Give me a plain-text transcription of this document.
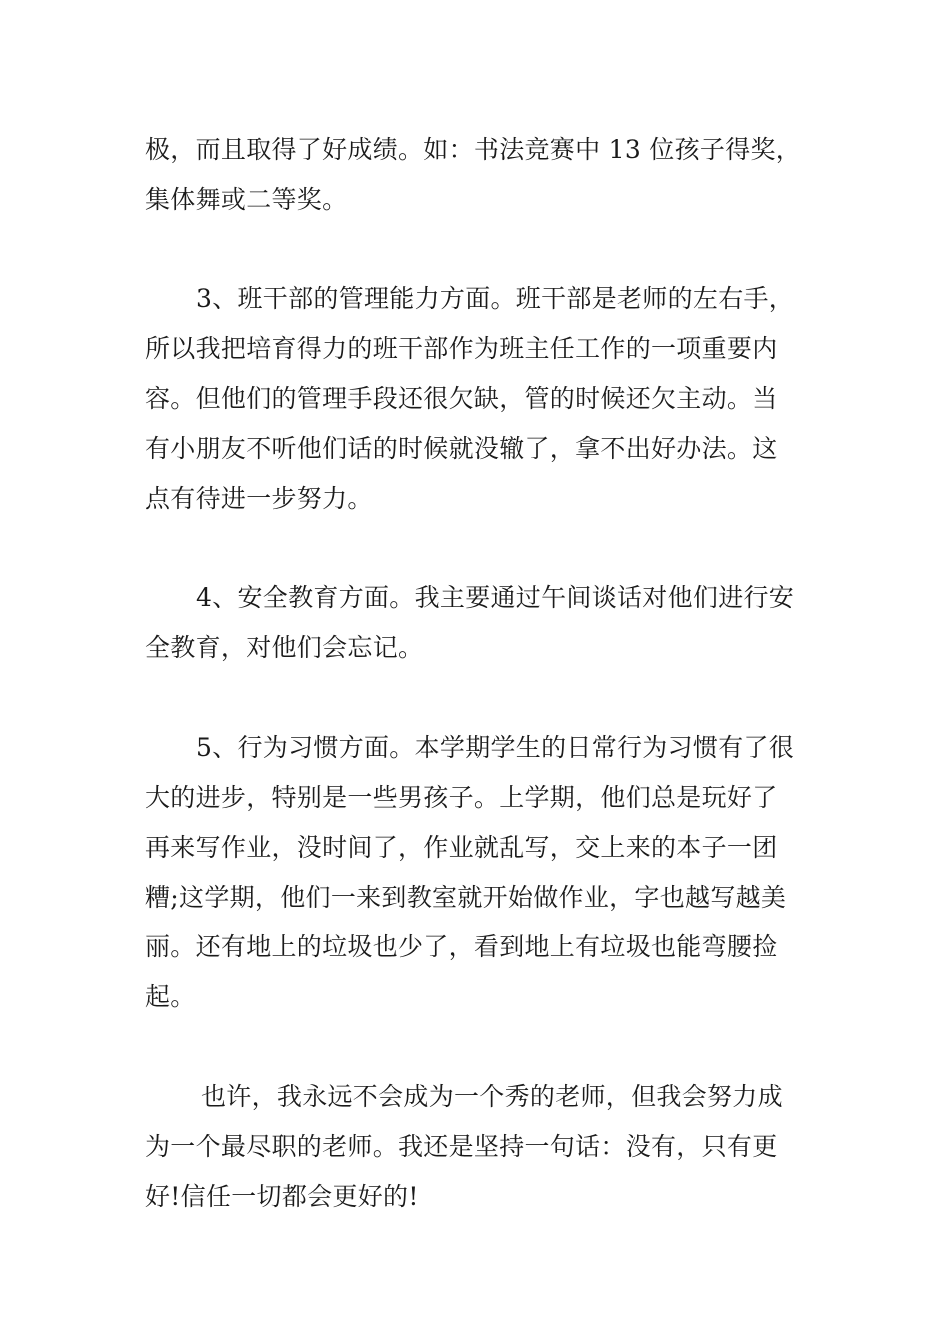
极，而且取得了好成绩。如：书法竞赛中 13 位孩子得奖，

集体舞或二等奖。

3、班干部的管理能力方面。班干部是老师的左右手，

所以我把培育得力的班干部作为班主任工作的一项重要内

容。但他们的管理手段还很欠缺，管的时候还欠主动。当

有小朋友不听他们话的时候就没辙了，拿不出好办法。这

点有待进一步努力。

4、安全教育方面。我主要通过午间谈话对他们进行安

全教育，对他们会忘记。

5、行为习惯方面。本学期学生的日常行为习惯有了很

大的进步，特别是一些男孩子。上学期，他们总是玩好了

再来写作业，没时间了，作业就乱写，交上来的本子一团

糟;这学期，他们一来到教室就开始做作业，字也越写越美

丽。还有地上的垃圾也少了，看到地上有垃圾也能弯腰捡

起。

也许，我永远不会成为一个秀的老师，但我会努力成

为一个最尽职的老师。我还是坚持一句话：没有，只有更

好!信任一切都会更好的!
